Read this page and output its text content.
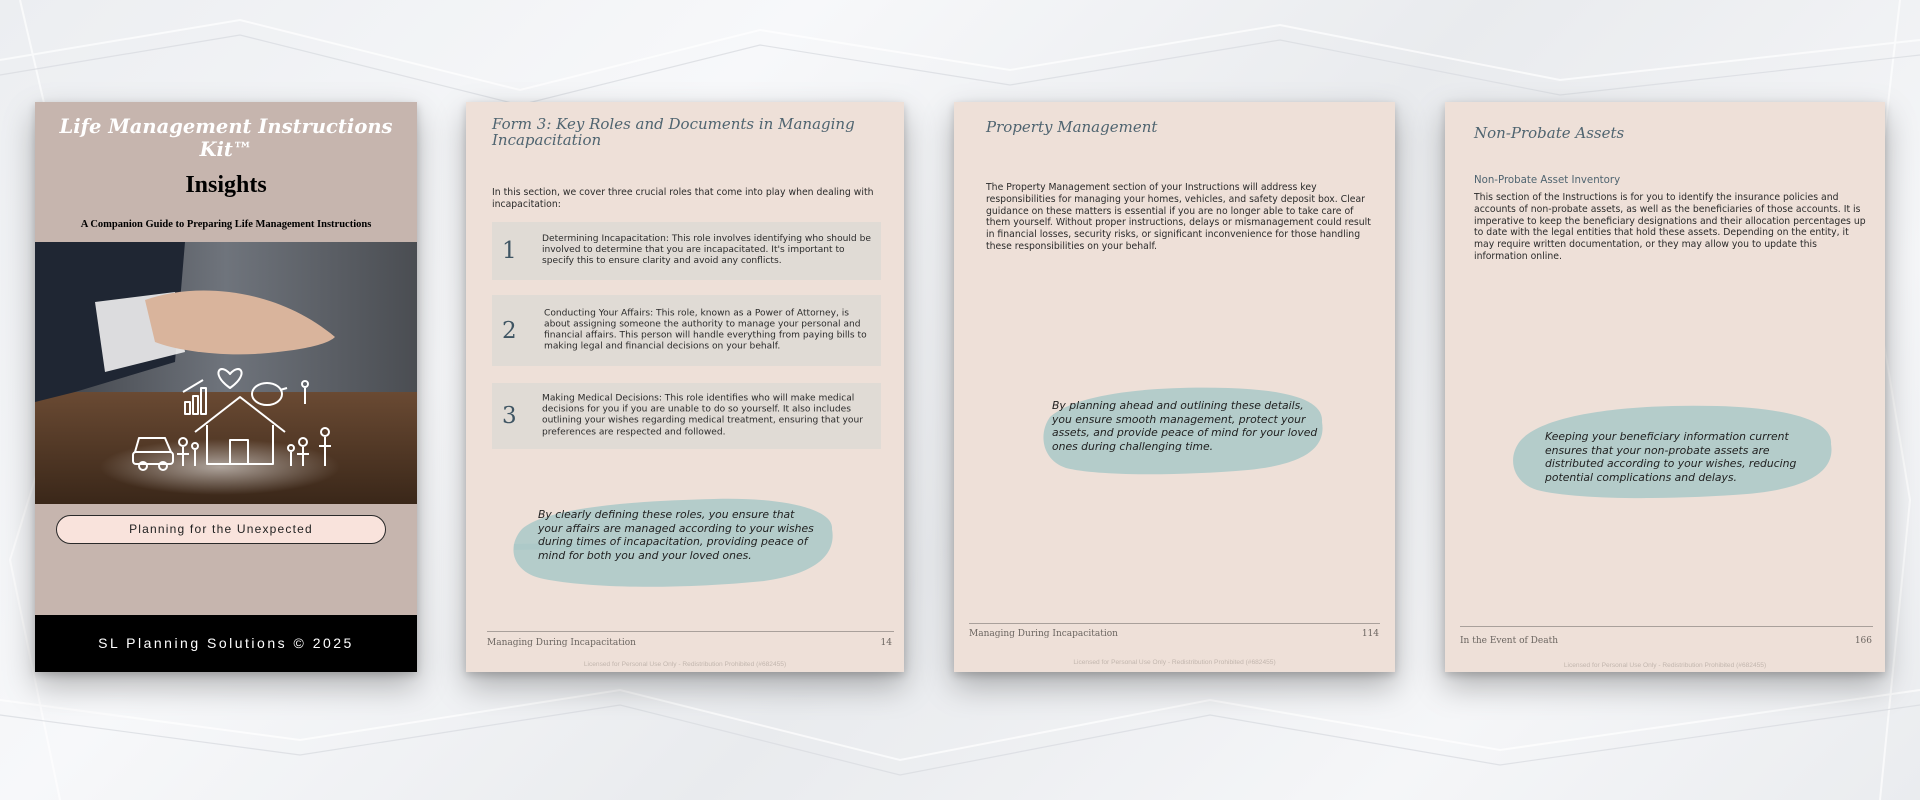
Life Management Instructions Kit™
Insights
A Companion Guide to Preparing Life Management Instructions
Planning for the Unexpected
SL Planning Solutions © 2025
Form 3: Key Roles and Documents in Managing Incapacitation
In this section, we cover three crucial roles that come into play when dealing with incapacitation:
1	Determining Incapacitation: This role involves identifying who should be involved to determine that you are incapacitated. It's important to specify this to ensure clarity and avoid any conflicts.
2
Conducting Your Affairs: This role, known as a Power of Attorney, is about assigning someone the authority to manage your personal and financial affairs. This person will handle everything from paying bills to making legal and financial decisions on your behalf.
3
Making Medical Decisions: This role identifies who will make medical decisions for you if you are unable to do so yourself. It also includes outlining your wishes regarding medical treatment, ensuring that your preferences are respected and followed.
By clearly defining these roles, you ensure that your affairs are managed according to your wishes during times of incapacitation, providing peace of mind for both you and your loved ones.
Managing During Incapacitation	14
Licensed for Personal Use Only - Redistribution Prohibited (#682455)
Property Management
The Property Management section of your Instructions will address key responsibilities for managing your homes, vehicles, and safety deposit box. Clear guidance on these matters is essential if you are no longer able to take care of them yourself. Without proper instructions, delays or mismanagement could result in financial losses, security risks, or significant inconvenience for those handling these responsibilities on your behalf.
By planning ahead and outlining these details, you ensure smooth management, protect your assets, and provide peace of mind for your loved ones during challenging time.
Managing During Incapacitation	114
Licensed for Personal Use Only - Redistribution Prohibited (#682455)
Non-Probate Assets
Non-Probate Asset Inventory
This section of the Instructions is for you to identify the insurance policies and accounts of non-probate assets, as well as the beneficiaries of those accounts. It is imperative to keep the beneficiary designations and their allocation percentages up to date with the legal entities that hold these assets. Depending on the entity, it may require written documentation, or they may allow you to update this information online.
Keeping your beneficiary information current ensures that your non-probate assets are distributed according to your wishes, reducing potential complications and delays.
In the Event of Death	166
Licensed for Personal Use Only - Redistribution Prohibited (#682455)
